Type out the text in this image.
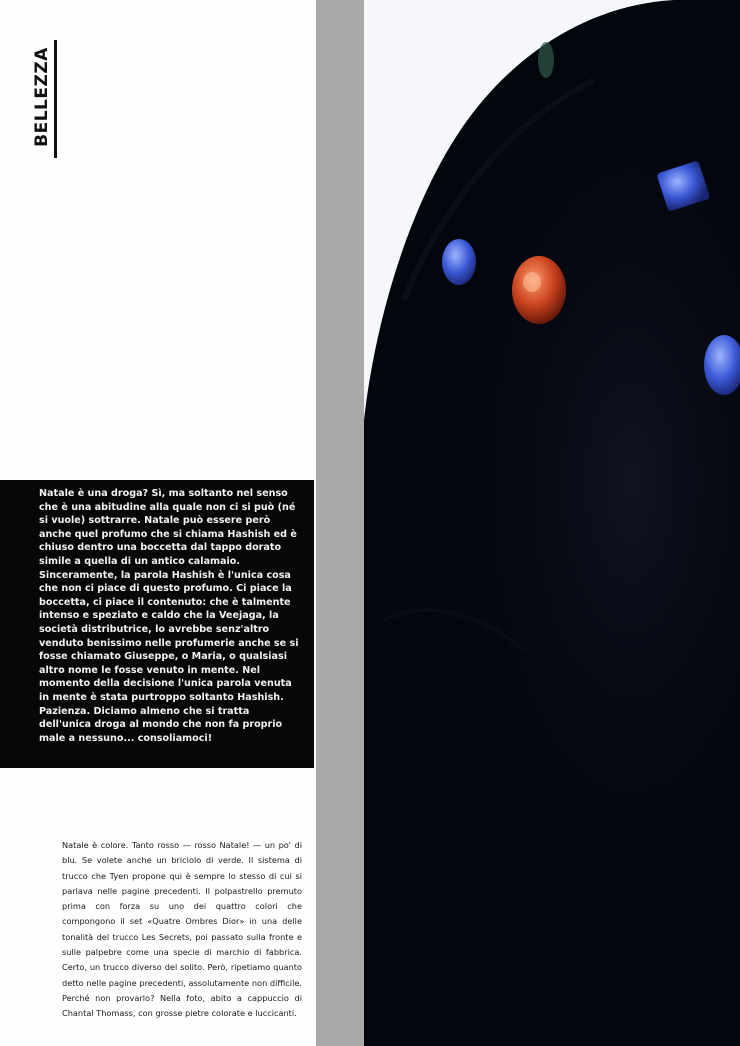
BELLEZZA

Natale è una droga? Sì, ma soltanto nel senso che è una abitudine alla quale non ci si può (né si vuole) sottrarre. Natale può essere però anche quel profumo che si chiama Hashish ed è chiuso dentro una boccetta dal tappo dorato simile a quella di un antico calamaio. Sinceramente, la parola Hashish è l'unica cosa che non ci piace di questo profumo. Ci piace la boccetta, ci piace il contenuto: che è talmente intenso e speziato e caldo che la Veejaga, la società distributrice, lo avrebbe senz'altro venduto benissimo nelle profumerie anche se si fosse chiamato Giuseppe, o Maria, o qualsiasi altro nome le fosse venuto in mente. Nel momento della decisione l'unica parola venuta in mente è stata purtroppo soltanto Hashish. Pazienza. Diciamo almeno che si tratta dell'unica droga al mondo che non fa proprio male a nessuno... consoliamoci!

Natale è colore. Tanto rosso — rosso Natale! — un po' di blu. Se volete anche un briciolo di verde. Il sistema di trucco che Tyen propone qui è sempre lo stesso di cui si parlava nelle pagine precedenti. Il polpastrello premuto prima con forza su uno dei quattro colori che compongono il set «Quatre Ombres Dior» in una delle tonalità del trucco Les Secrets, poi passato sulla fronte e sulle palpebre come una specie di marchio di fabbrica. Certo, un trucco diverso del solito. Però, ripetiamo quanto detto nelle pagine precedenti, assolutamente non difficile. Perché non provarlo? Nella foto, abito a cappuccio di Chantal Thomass, con grosse pietre colorate e luccicanti.
